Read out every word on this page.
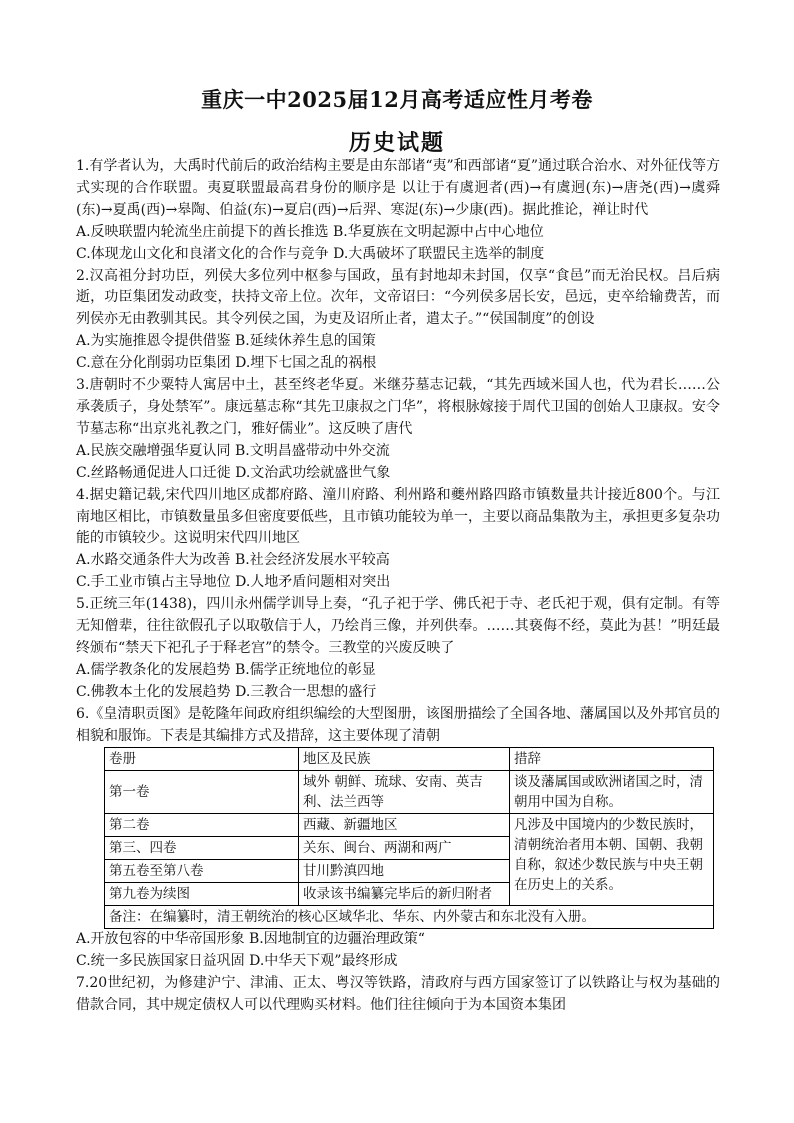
重庆一中2025届12月高考适应性月考卷
历史试题

1.有学者认为，大禹时代前后的政治结构主要是由东部诸“夷”和西部诸“夏”通过联合治水、对外征伐等方式实现的合作联盟。夷夏联盟最高君身份的顺序是 以让于有虞迥者(西)→有虞迥(东)→唐尧(西)→虞舜(东)→夏禹(西)→皋陶、伯益(东)→夏启(西)→后羿、寒浞(东)→少康(西)。据此推论，禅让时代

A.反映联盟内轮流坐庄前提下的酋长推选 B.华夏族在文明起源中占中心地位

C.体现龙山文化和良渚文化的合作与竞争 D.大禹破坏了联盟民主选举的制度

2.汉高祖分封功臣，列侯大多位列中枢参与国政，虽有封地却未封国，仅享“食邑”而无治民权。吕后病逝，功臣集团发动政变，扶持文帝上位。次年，文帝诏曰：“今列侯多居长安，邑远，吏卒给输费苦，而列侯亦无由教驯其民。其令列侯之国，为吏及诏所止者，遣太子。”“侯国制度”的创设

A.为实施推恩令提供借鉴 B.延续休养生息的国策

C.意在分化削弱功臣集团 D.埋下七国之乱的祸根

3.唐朝时不少粟特人寓居中土，甚至终老华夏。米继芬墓志记载，“其先西域米国人也，代为君长……公承袭质子，身处禁军”。康远墓志称“其先卫康叔之门华”，将根脉嫁接于周代卫国的创始人卫康叔。安令节墓志称“出京兆礼教之门，雅好儒业”。这反映了唐代

A.民族交融增强华夏认同 B.文明昌盛带动中外交流

C.丝路畅通促进人口迁徙 D.文治武功绘就盛世气象

4.据史籍记载,宋代四川地区成都府路、潼川府路、利州路和夔州路四路市镇数量共计接近800个。与江南地区相比，市镇数量虽多但密度要低些，且市镇功能较为单一，主要以商品集散为主，承担更多复杂功能的市镇较少。这说明宋代四川地区

A.水路交通条件大为改善 B.社会经济发展水平较高

C.手工业市镇占主导地位 D.人地矛盾问题相对突出

5.正统三年(1438)，四川永州儒学训导上奏，“孔子祀于学、佛氏祀于寺、老氏祀于观，俱有定制。有等无知僧辈，往往欲假孔子以取敬信于人，乃绘肖三像，并列供奉。……其亵侮不经，莫此为甚！”明廷最终颁布“禁天下祀孔子于释老宫”的禁令。三教堂的兴废反映了

A.儒学教条化的发展趋势 B.儒学正统地位的彰显

C.佛教本土化的发展趋势 D.三教合一思想的盛行

6.《皇清职贡图》是乾隆年间政府组织编绘的大型图册，该图册描绘了全国各地、藩属国以及外邦官员的相貌和服饰。下表是其编排方式及措辞，这主要体现了清朝

卷册	地区及民族	措辞
第一卷	域外 朝鲜、琉球、安南、英吉利、法兰西等	谈及藩属国或欧洲诸国之时，清朝用中国为自称。
第二卷	西藏、新疆地区	凡涉及中国境内的少数民族时，清朝统治者用本朝、国朝、我朝自称，叙述少数民族与中央王朝在历史上的关系。
第三、四卷	关东、闽台、两湖和两广	
第五卷至第八卷	甘川黔滇四地	
第九卷为续图	收录该书编纂完毕后的新归附者	
备注：在编纂时，清王朝统治的核心区域华北、华东、内外蒙古和东北没有入册。		

A.开放包容的中华帝国形象 B.因地制宜的边疆治理政策“

C.统一多民族国家日益巩固 D.中华天下观”最终形成

7.20世纪初，为修建沪宁、津浦、正太、粤汉等铁路，清政府与西方国家签订了以铁路让与权为基础的借款合同，其中规定债权人可以代理购买材料。他们往往倾向于为本国资本集团
